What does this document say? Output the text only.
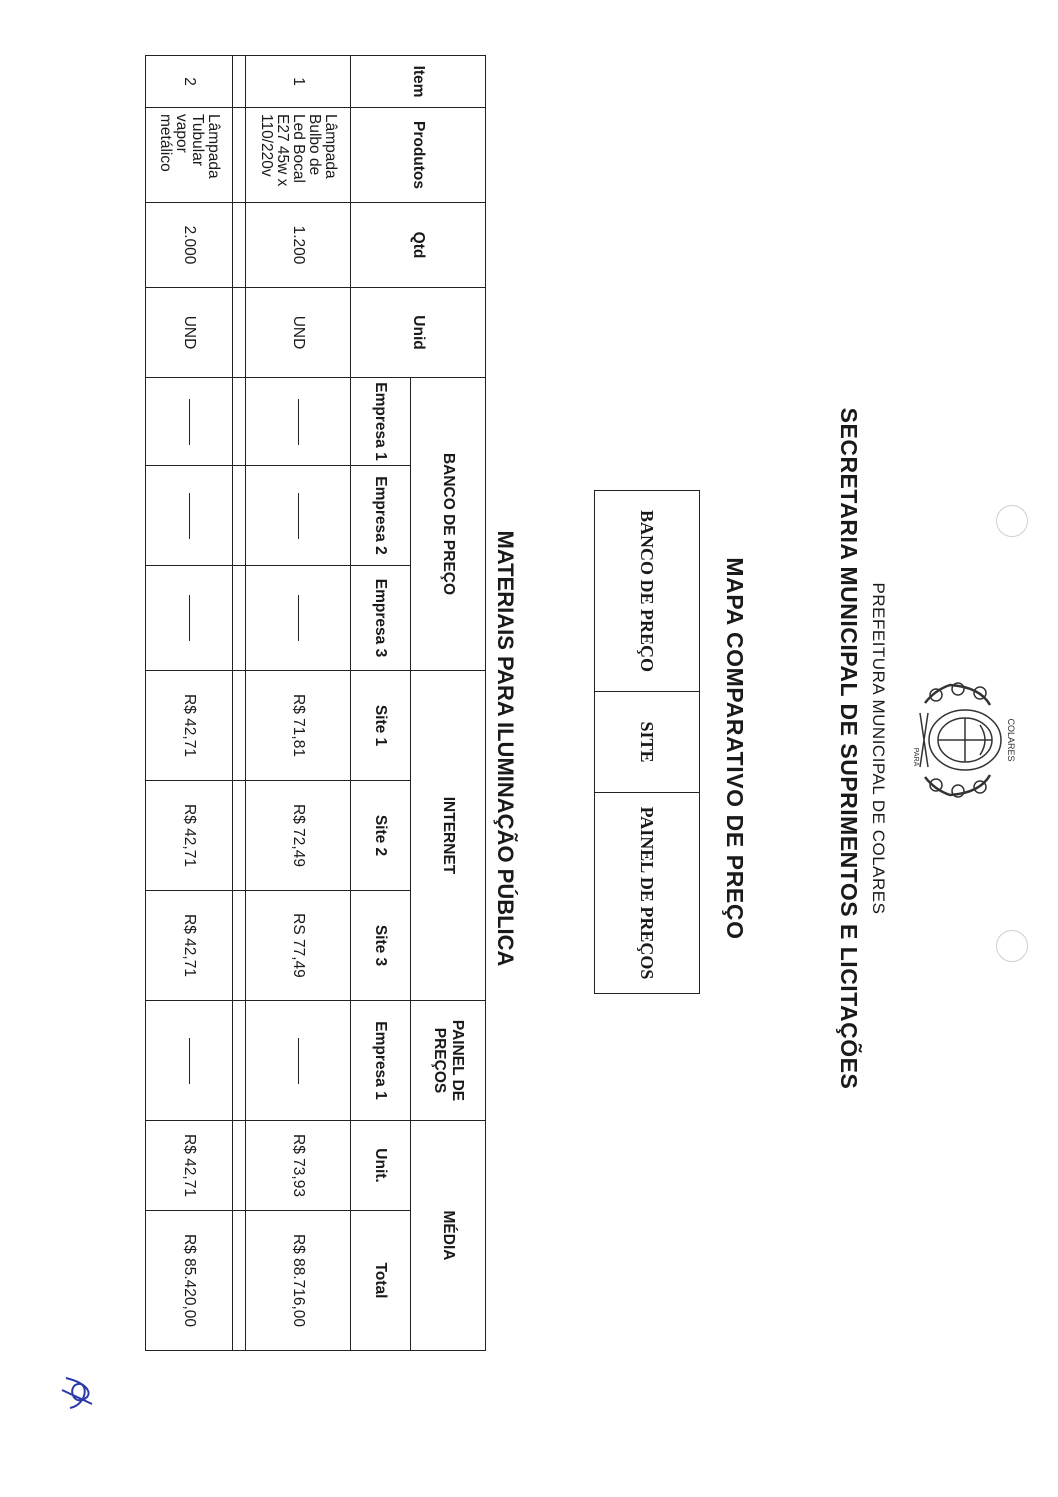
COLARES
PARÁ
PREFEITURA MUNICIPAL DE COLARES
SECRETARIA MUNICIPAL DE SUPRIMENTOS E LICITAÇÕES
MAPA COMPARATIVO DE PREÇO
BANCO DE PREÇO	SITE	PAINEL DE PREÇOS
MATERIAIS PARA ILUMINAÇÃO PÚBLICA
Item	Produtos	Qtd	Unid	BANCO DE PREÇO			INTERNET			PAINEL DE PREÇOS	MÉDIA	
				Empresa 1	Empresa 2	Empresa 3	Site 1	Site 2	Site 3	Empresa 1	Unit.	Total
1	Lâmpada Bulbo de Led Bocal E27 45w x 110/220v	1.200	UND				R$ 71,81	R$ 72,49	RS 77,49		R$ 73,93	R$ 88.716,00

2	Lâmpada Tubular vapor metálico	2.000	UND				R$ 42,71	R$ 42,71	R$ 42,71		R$ 42,71	R$ 85.420,00
